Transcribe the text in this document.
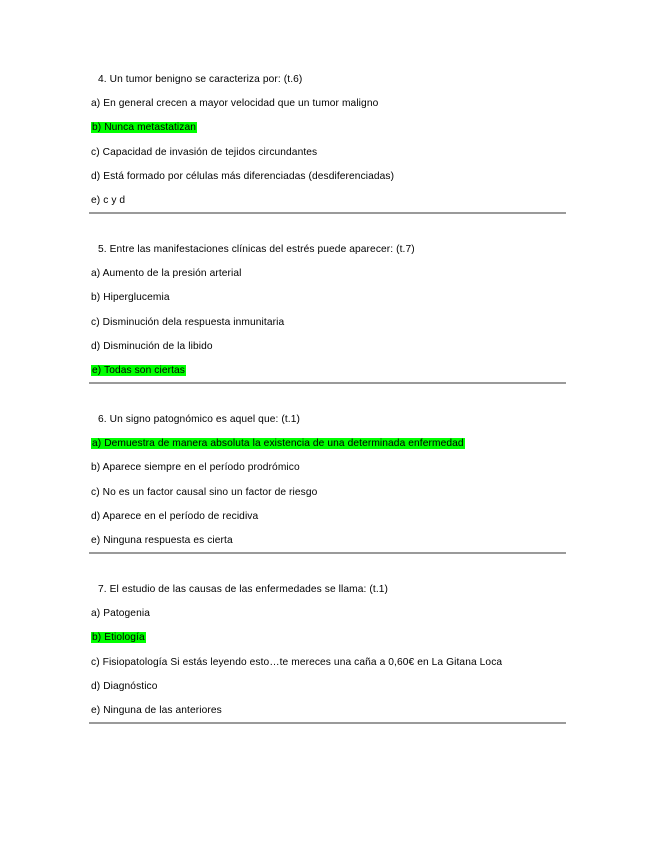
4. Un tumor benigno se caracteriza por: (t.6)
a) En general crecen a mayor velocidad que un tumor maligno
b) Nunca metastatizan
c) Capacidad de invasión de tejidos circundantes
d) Está formado por células más diferenciadas (desdiferenciadas)
e) c y d
5. Entre las manifestaciones clínicas del estrés puede aparecer: (t.7)
a) Aumento de la presión arterial
b) Hiperglucemia
c) Disminución dela respuesta inmunitaria
d) Disminución de la libido
e) Todas son ciertas
6. Un signo patognómico es aquel que: (t.1)
a) Demuestra de manera absoluta la existencia de una determinada enfermedad
b) Aparece siempre en el período prodrómico
c) No es un factor causal sino un factor de riesgo
d) Aparece en el período de recidiva
e) Ninguna respuesta es cierta
7. El estudio de las causas de las enfermedades se llama: (t.1)
a) Patogenia
b) Etiología
c) Fisiopatología Si estás leyendo esto…te mereces una caña a 0,60€ en La Gitana Loca
d) Diagnóstico
e) Ninguna de las anteriores
